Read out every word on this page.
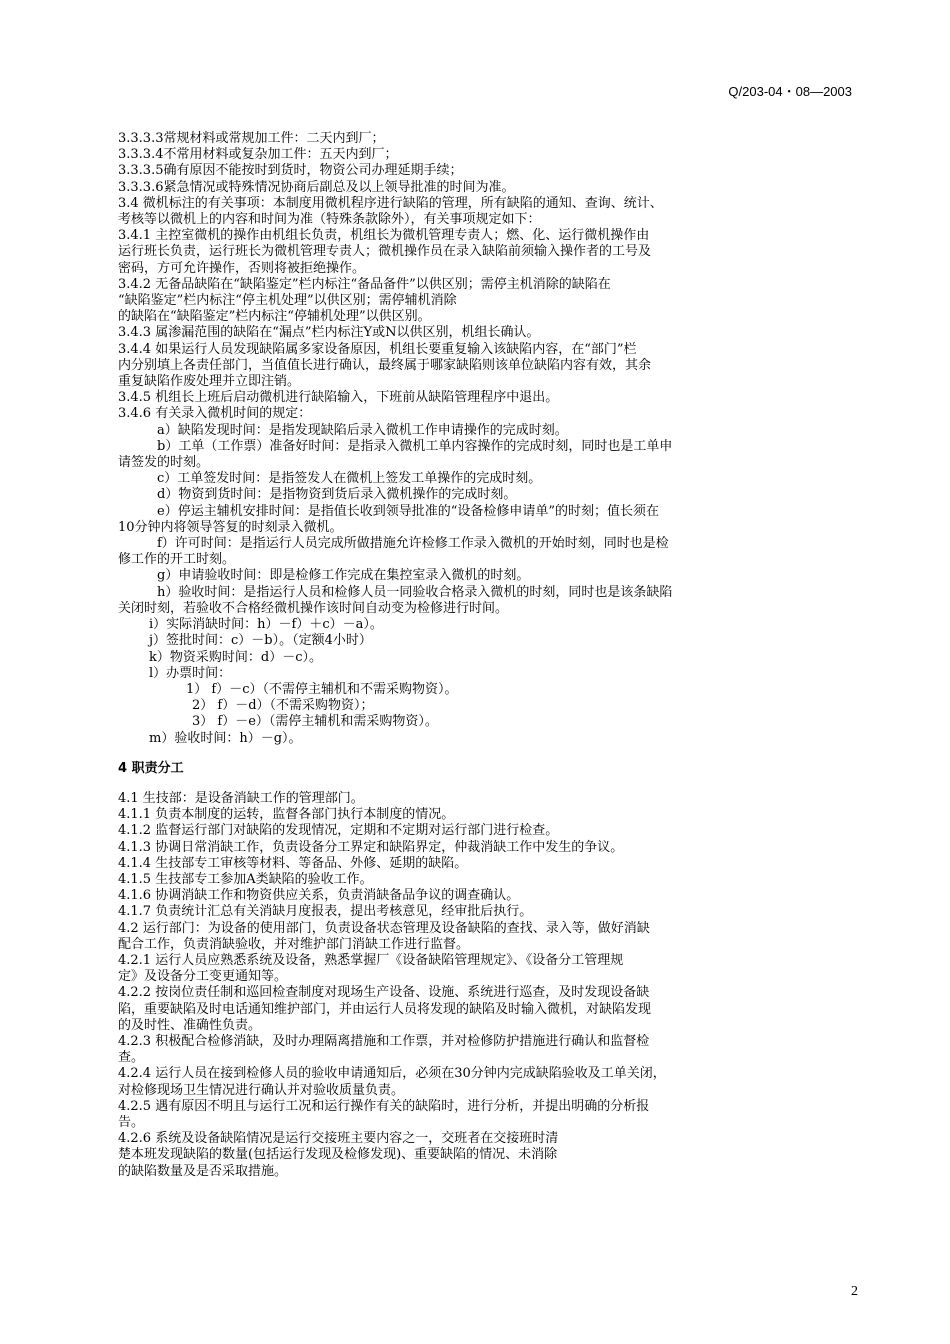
Q/203-04・08—2003
3.3.3.3常规材料或常规加工件：二天内到厂；
3.3.3.4不常用材料或复杂加工件：五天内到厂；
3.3.3.5确有原因不能按时到货时，物资公司办理延期手续；
3.3.3.6紧急情况或特殊情况协商后副总及以上领导批准的时间为准。
3.4 微机标注的有关事项：本制度用微机程序进行缺陷的管理，所有缺陷的通知、查询、统计、
考核等以微机上的内容和时间为准（特殊条款除外），有关事项规定如下：
3.4.1 主控室微机的操作由机组长负责，机组长为微机管理专责人；燃、化、运行微机操作由
运行班长负责，运行班长为微机管理专责人；微机操作员在录入缺陷前须输入操作者的工号及
密码，方可允许操作，否则将被拒绝操作。
3.4.2 无备品缺陷在“缺陷鉴定”栏内标注“备品备件”以供区别；需停主机消除的缺陷在
“缺陷鉴定”栏内标注“停主机处理”以供区别；需停辅机消除
的缺陷在“缺陷鉴定”栏内标注“停辅机处理”以供区别。
3.4.3 属渗漏范围的缺陷在“漏点”栏内标注Y或N以供区别，机组长确认。
3.4.4 如果运行人员发现缺陷属多家设备原因，机组长要重复输入该缺陷内容，在“部门”栏
内分别填上各责任部门，当值值长进行确认，最终属于哪家缺陷则该单位缺陷内容有效，其余
重复缺陷作废处理并立即注销。
3.4.5 机组长上班后启动微机进行缺陷输入，下班前从缺陷管理程序中退出。
3.4.6 有关录入微机时间的规定：
a）缺陷发现时间：是指发现缺陷后录入微机工作申请操作的完成时刻。
b）工单（工作票）准备好时间：是指录入微机工单内容操作的完成时刻，同时也是工单申
请签发的时刻。
c）工单签发时间：是指签发人在微机上签发工单操作的完成时刻。
d）物资到货时间：是指物资到货后录入微机操作的完成时刻。
e）停运主辅机安排时间：是指值长收到领导批准的“设备检修申请单”的时刻；值长须在
10分钟内将领导答复的时刻录入微机。
f）许可时间：是指运行人员完成所做措施允许检修工作录入微机的开始时刻，同时也是检
修工作的开工时刻。
g）申请验收时间：即是检修工作完成在集控室录入微机的时刻。
h）验收时间：是指运行人员和检修人员一同验收合格录入微机的时刻，同时也是该条缺陷
关闭时刻，若验收不合格经微机操作该时间自动变为检修进行时间。
i）实际消缺时间：h）－f）＋c）－a）。
j）签批时间：c）－b）。（定额4小时）
k）物资采购时间：d）－c）。
l）办票时间：
1） f）－c）（不需停主辅机和不需采购物资）。
2） f）－d）（不需采购物资）；
3） f）－e）（需停主辅机和需采购物资）。
m）验收时间：h）－g）。
4 职责分工
4.1 生技部：是设备消缺工作的管理部门。
4.1.1 负责本制度的运转，监督各部门执行本制度的情况。
4.1.2 监督运行部门对缺陷的发现情况，定期和不定期对运行部门进行检查。
4.1.3 协调日常消缺工作，负责设备分工界定和缺陷界定，仲裁消缺工作中发生的争议。
4.1.4 生技部专工审核等材料、等备品、外修、延期的缺陷。
4.1.5 生技部专工参加A类缺陷的验收工作。
4.1.6 协调消缺工作和物资供应关系，负责消缺备品争议的调查确认。
4.1.7 负责统计汇总有关消缺月度报表，提出考核意见，经审批后执行。
4.2 运行部门：为设备的使用部门，负责设备状态管理及设备缺陷的查找、录入等，做好消缺
配合工作，负责消缺验收，并对维护部门消缺工作进行监督。
4.2.1 运行人员应熟悉系统及设备，熟悉掌握厂《设备缺陷管理规定》、《设备分工管理规
定》及设备分工变更通知等。
4.2.2 按岗位责任制和巡回检查制度对现场生产设备、设施、系统进行巡查，及时发现设备缺
陷，重要缺陷及时电话通知维护部门，并由运行人员将发现的缺陷及时输入微机，对缺陷发现
的及时性、准确性负责。
4.2.3 积极配合检修消缺，及时办理隔离措施和工作票，并对检修防护措施进行确认和监督检
查。
4.2.4 运行人员在接到检修人员的验收申请通知后，必须在30分钟内完成缺陷验收及工单关闭，
对检修现场卫生情况进行确认并对验收质量负责。
4.2.5 遇有原因不明且与运行工况和运行操作有关的缺陷时，进行分析，并提出明确的分析报
告。
4.2.6 系统及设备缺陷情况是运行交接班主要内容之一，交班者在交接班时清
楚本班发现缺陷的数量(包括运行发现及检修发现)、重要缺陷的情况、未消除
的缺陷数量及是否采取措施。
2
